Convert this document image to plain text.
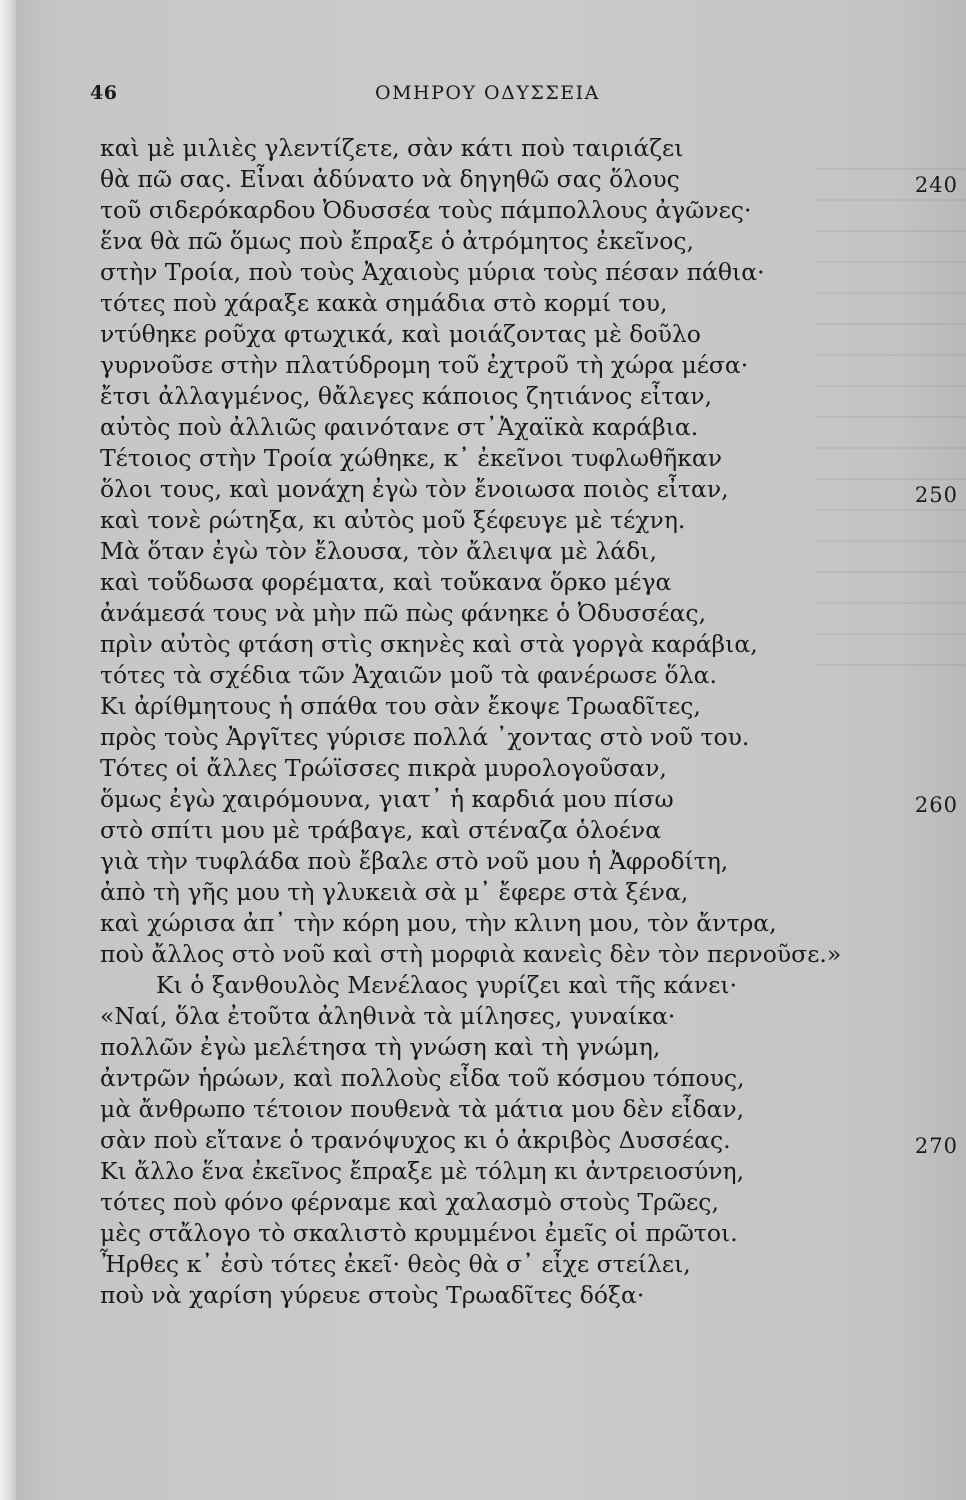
46	ΟΜΗΡΟΥ ΟΔΥΣΣΕΙΑ
καὶ μὲ μιλιὲς γλεντίζετε, σὰν κάτι ποὺ ταιριάζει
θὰ πῶ σας. Εἶναι ἀδύνατο νὰ δηγηθῶ σας ὅλους	240
τοῦ σιδερόκαρδου Ὀδυσσέα τοὺς πάμπολλους ἀγῶνες·
ἕνα θὰ πῶ ὅμως ποὺ ἔπραξε ὁ ἀτρόμητος ἐκεῖνος,
στὴν Τροία, ποὺ τοὺς Ἀχαιοὺς μύρια τοὺς πέσαν πάθια·
τότες ποὺ χάραξε κακὰ σημάδια στὸ κορμί του,
ντύθηκε ροῦχα φτωχικά, καὶ μοιάζοντας μὲ δοῦλο
γυρνοῦσε στὴν πλατύδρομη τοῦ ἐχτροῦ τὴ χώρα μέσα·
ἔτσι ἀλλαγμένος, θἄλεγες κάποιος ζητιάνος εἶταν,
αὐτὸς ποὺ ἀλλιῶς φαινότανε στ᾽Ἀχαϊκὰ καράβια.
Τέτοιος στὴν Τροία χώθηκε, κ᾽ ἐκεῖνοι τυφλωθῆκαν
ὅλοι τους, καὶ μονάχη ἐγὼ τὸν ἔνοιωσα ποιὸς εἶταν,	250
καὶ τονὲ ρώτηξα, κι αὐτὸς μοῦ ξέφευγε μὲ τέχνη.
Μὰ ὅταν ἐγὼ τὸν ἔλουσα, τὸν ἄλειψα μὲ λάδι,
καὶ τοὔδωσα φορέματα, καὶ τοὔκανα ὅρκο μέγα
ἀνάμεσά τους νὰ μὴν πῶ πὼς φάνηκε ὁ Ὀδυσσέας,
πρὶν αὐτὸς φτάση στὶς σκηνὲς καὶ στὰ γοργὰ καράβια,
τότες τὰ σχέδια τῶν Ἀχαιῶν μοῦ τὰ φανέρωσε ὅλα.
Κι ἀρίθμητους ἡ σπάθα του σὰν ἔκοψε Τρωαδῖτες,
πρὸς τοὺς Ἀργῖτες γύρισε πολλά ᾽χοντας στὸ νοῦ του.
Τότες οἱ ἄλλες Τρώϊσσες πικρὰ μυρολογοῦσαν,
ὅμως ἐγὼ χαιρόμουνα, γιατ᾽ ἡ καρδιά μου πίσω	260
στὸ σπίτι μου μὲ τράβαγε, καὶ στέναζα ὁλοένα
γιὰ τὴν τυφλάδα ποὺ ἔβαλε στὸ νοῦ μου ἡ Ἀφροδίτη,
ἀπὸ τὴ γῆς μου τὴ γλυκειὰ σὰ μ᾽ ἔφερε στὰ ξένα,
καὶ χώρισα ἀπ᾽ τὴν κόρη μου, τὴν κλινη μου, τὸν ἄντρα,
ποὺ ἄλλος στὸ νοῦ καὶ στὴ μορφιὰ κανεὶς δὲν τὸν περνοῦσε.»
Κι ὁ ξανθουλὸς Μενέλαος γυρίζει καὶ τῆς κάνει·
«Ναί, ὅλα ἐτοῦτα ἀληθινὰ τὰ μίλησες, γυναίκα·
πολλῶν ἐγὼ μελέτησα τὴ γνώση καὶ τὴ γνώμη,
ἀντρῶν ἡρώων, καὶ πολλοὺς εἶδα τοῦ κόσμου τόπους,
μὰ ἄνθρωπο τέτοιον πουθενὰ τὰ μάτια μου δὲν εἶδαν,
σὰν ποὺ εἴτανε ὁ τρανόψυχος κι ὁ ἀκριβὸς Δυσσέας.	270
Κι ἄλλο ἕνα ἐκεῖνος ἔπραξε μὲ τόλμη κι ἀντρειοσύνη,
τότες ποὺ φόνο φέρναμε καὶ χαλασμὸ στοὺς Τρῶες,
μὲς στἄλογο τὸ σκαλιστὸ κρυμμένοι ἐμεῖς οἱ πρῶτοι.
Ἦρθες κ᾽ ἐσὺ τότες ἐκεῖ· θεὸς θὰ σ᾽ εἶχε στείλει,
ποὺ νὰ χαρίση γύρευε στοὺς Τρωαδῖτες δόξα·
